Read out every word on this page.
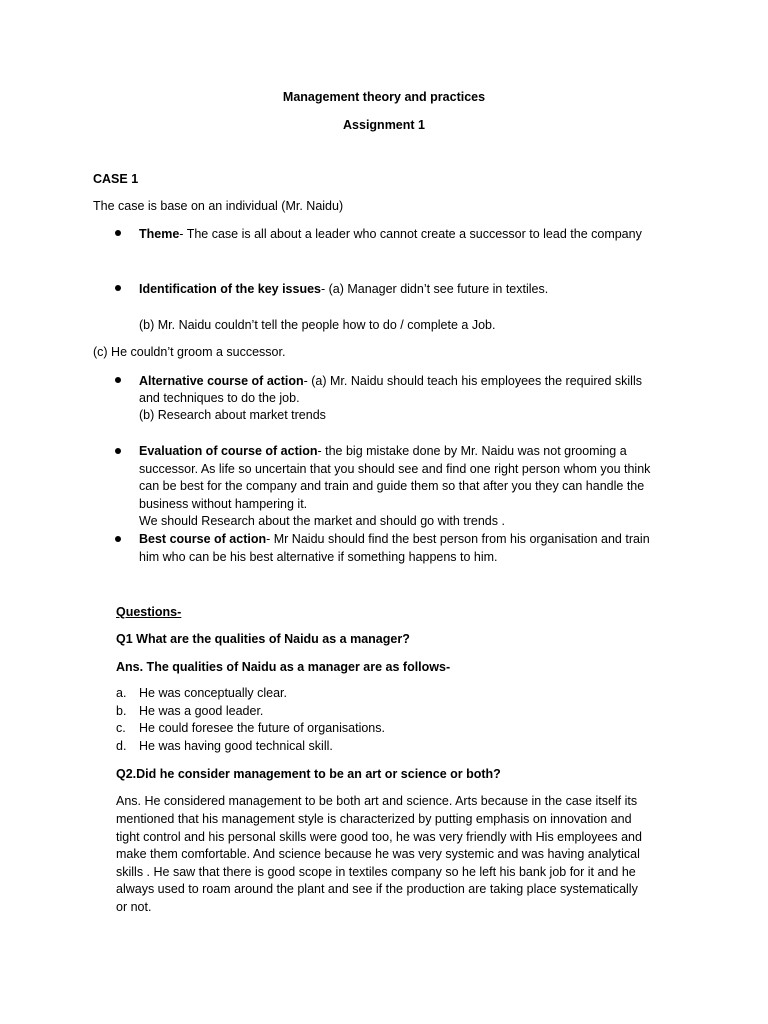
Management theory and practices
Assignment 1
CASE 1
The case is base on an individual (Mr. Naidu)
Theme- The case is all about a leader who cannot create a successor to lead the company
Identification of the key issues- (a) Manager didn’t see future in textiles.
(b) Mr. Naidu couldn’t tell the people how to do / complete a Job.
(c) He couldn’t groom a successor.
Alternative course of action- (a) Mr. Naidu should teach his employees the required skills
and techniques to do the job.
(b) Research about market trends
Evaluation of course of action- the big mistake done by Mr. Naidu was not grooming a
successor. As life so uncertain that you should see and find one right person whom you think
can be best for the company and train and guide them so that after you they can handle the
business without hampering it.
We should Research about the market and should go with trends .
Best course of action- Mr Naidu should find the best person from his organisation and train
him who can be his best alternative if something happens to him.
Questions-
Q1 What are the qualities of Naidu as a manager?
Ans. The qualities of Naidu as a manager are as follows-
a. He was conceptually clear.
b. He was a good leader.
c. He could foresee the future of organisations.
d. He was having good technical skill.
Q2.Did he consider management to be an art or science or both?
Ans. He considered management to be both art and science. Arts because in the case itself its
mentioned that his management style is characterized by putting emphasis on innovation and
tight control and his personal skills were good too, he was very friendly with His employees and
make them comfortable. And science because he was very systemic and was having analytical
skills . He saw that there is good scope in textiles company so he left his bank job for it and he
always used to roam around the plant and see if the production are taking place systematically
or not.
